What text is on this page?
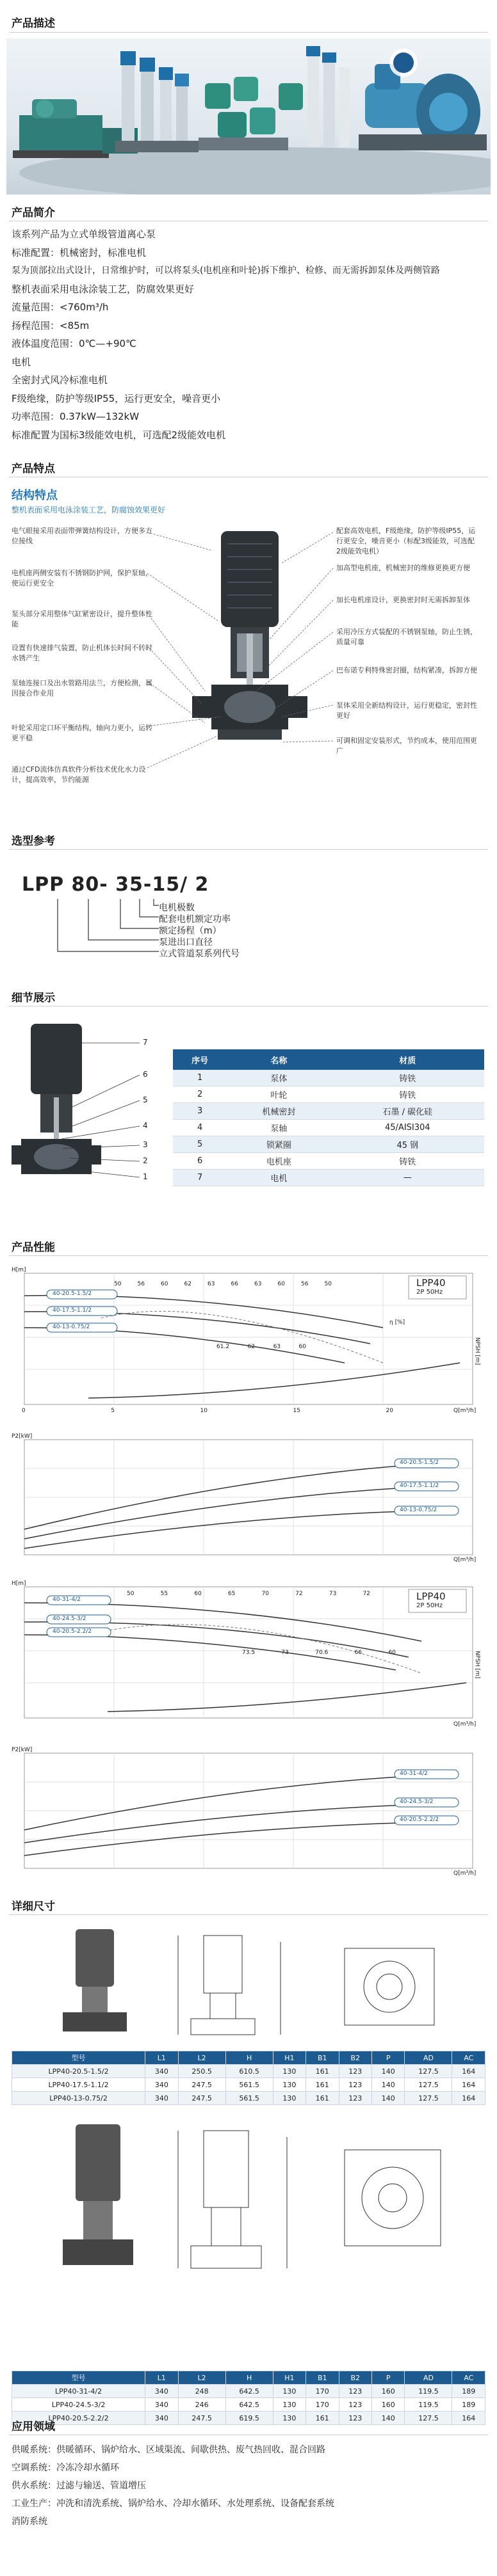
产品描述
产品简介
该系列产品为立式单级管道离心泵
标准配置：机械密封，标准电机
泵为顶部拉出式设计，日常维护时，可以将泵头(电机座和叶轮)拆下维护、检修、而无需拆卸泵体及两侧管路
整机表面采用电泳涂装工艺，防腐效果更好
流量范围：<760m³/h
扬程范围：<85m
液体温度范围：0℃—+90℃
电机
全密封式风冷标准电机
F级绝缘，防护等级IP55，运行更安全，噪音更小
功率范围：0.37kW—132kW
标准配置为国标3级能效电机，可选配2级能效电机
产品特点
结构特点
整机表面采用电泳涂装工艺，防腐蚀效果更好
电气眼接采用表面带弹簧结构设计，方便多方位接线
电机座两侧安装有不锈钢防护网，保护泵轴，使运行更安全
泵头部分采用整体气缸紧密设计，提升整体性能
设置有快速排气装置，防止机体长时间不转时水锈产生
泵轴连接口及出水管路用法兰，方便检测，属因接合作业用
叶轮采用定口环平衡结构，轴向力更小，运转更平稳
通过CFD流体仿真软件分析技术优化水力设计，提高效率，节约能源
配套高效电机，F级绝缘，防护等级IP55，运行更安全，噪音更小（标配3级能效，可选配2级能效电机）
加高型电机座，机械密封的维修更换更方便
加长电机座设计，更换密封时无需拆卸泵体
采用冷压方式装配的不锈钢泵轴，防止生锈，质量可靠
巴布诺专利特殊密封圈，结构紧凑，拆卸方便
泵体采用全新结构设计，运行更稳定，密封性更好
可调和固定安装形式，节约成本，使用范围更广
选型参考
LPP 80- 35-15/ 2
电机极数
配套电机额定功率
额定扬程（m）
泵进出口直径
立式管道泵系列代号
细节展示
7
6
5
4
3
2
1
序号	名称	材质
1	泵体	铸铁
2	叶轮	铸铁
3	机械密封	石墨 / 碳化硅
4	泵轴	45/AISI304
5	锁紧圈	45 钢
6	电机座	铸铁
7	电机	—
产品性能
40-20.5-1.5/2
40-17.5-1.1/2
40-13-0.75/2
LPP40
2P 50Hz
H[m]
Q[m³/h]
η [%]
NPSH [m]
50	56	60	62	63	66	63	60	56	50
61.2	62	63	60
0	5	10	15	20
40-20.5-1.5/2
40-17.5-1.1/2
40-13-0.75/2
P2[kW]
Q[m³/h]
40-31-4/2
40-24.5-3/2
40-20.5-2.2/2
LPP40
2P 50Hz
H[m]
Q[m³/h]
NPSH [m]
50	55	60	65	70	72	73	72
73.5	73	70.6	66	60
40-31-4/2
40-24.5-3/2
40-20.5-2.2/2
P2[kW]
Q[m³/h]
详细尺寸
型号	L1	L2	H	H1	B1	B2	P	AD	AC
LPP40-20.5-1.5/2	340	250.5	610.5	130	161	123	140	127.5	164
LPP40-17.5-1.1/2	340	247.5	561.5	130	161	123	140	127.5	164
LPP40-13-0.75/2	340	247.5	561.5	130	161	123	140	127.5	164
型号	L1	L2	H	H1	B1	B2	P	AD	AC
LPP40-31-4/2	340	248	642.5	130	170	123	160	119.5	189
LPP40-24.5-3/2	340	246	642.5	130	170	123	160	119.5	189
LPP40-20.5-2.2/2	340	247.5	619.5	130	161	123	140	127.5	164
应用领域
供暖系统：供暖循环、锅炉给水、区域渠流、间歇供热、废气热回收、混合回路
空调系统：冷冻冷却水循环
供水系统：过滤与输送、管道增压
工业生产：冲洗和清洗系统、锅炉给水、冷却水循环、水处理系统、设备配套系统
消防系统
